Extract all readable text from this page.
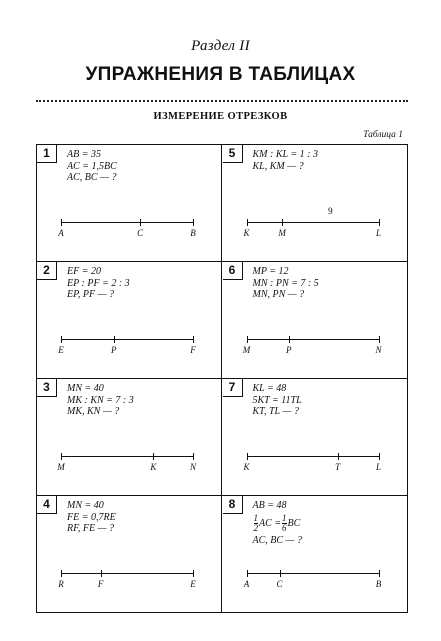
Раздел II
УПРАЖНЕНИЯ В ТАБЛИЦАХ
ИЗМЕРЕНИЕ ОТРЕЗКОВ
Таблица 1
1	AB = 35
AC = 1,5BC
AC, BC — ?
A	C	B
2	EF = 20
EP : PF = 2 : 3
EP, PF — ?
E	P	F
3	MN = 40
MK : KN = 7 : 3
MK, KN — ?
M	K	N
4	MN = 40
FE = 0,7RE
RF, FE — ?
R	F	E
5	KM : KL = 1 : 3
KL, KM — ?
K	M	L
9
6	MP = 12
MN : PN = 7 : 5
MN, PN — ?
M	P	N
7	KL = 48
5KT = 11TL
KT, TL — ?
K	T	L
8	AB = 48
$\frac{1}{2}$ AC = $\frac{1}{6}$ BC
AC, BC — ?
A	C	B
